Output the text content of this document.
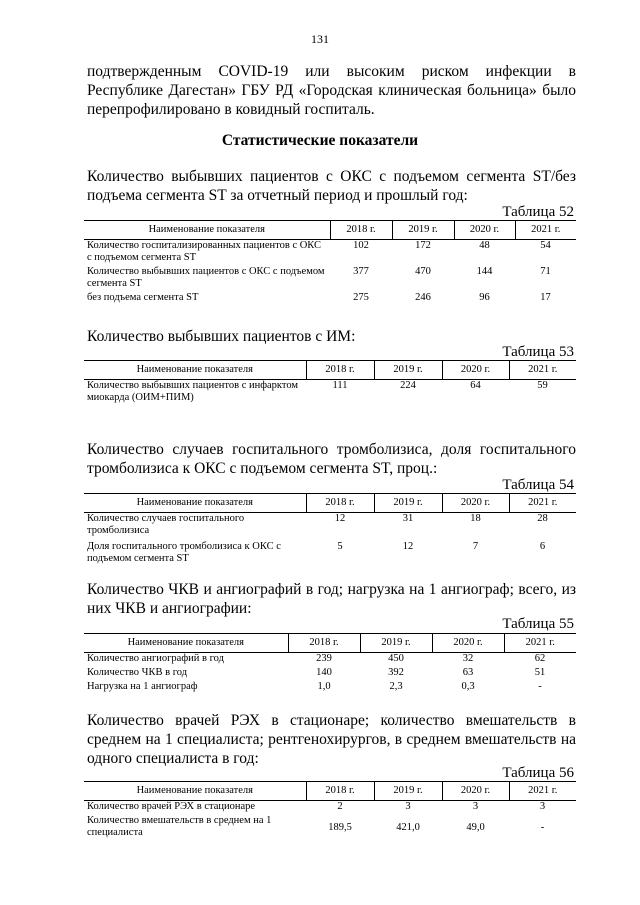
131
подтвержденным COVID-19 или высоким риском инфекции в Республике Дагестан» ГБУ РД «Городская клиническая больница» было перепрофилировано в ковидный госпиталь.
Статистические показатели
Количество выбывших пациентов с ОКС с подъемом сегмента ST/без подъема сегмента ST за отчетный период и прошлый год:
Таблица 52
Наименование показателя	2018 г.	2019 г.	2020 г.	2021 г.
Количество госпитализированных пациентов с ОКС с подъемом сегмента ST	102	172	48	54
Количество выбывших пациентов с ОКС с подъемом сегмента ST	377	470	144	71
без подъема сегмента ST	275	246	96	17
Количество выбывших пациентов с ИМ:
Таблица 53
Наименование показателя	2018 г.	2019 г.	2020 г.	2021 г.
Количество выбывших пациентов с инфарктом миокарда (ОИМ+ПИМ)	111	224	64	59
Количество случаев госпитального тромболизиса, доля госпитального тромболизиса к ОКС с подъемом сегмента ST, проц.:
Таблица 54
Наименование показателя	2018 г.	2019 г.	2020 г.	2021 г.
Количество случаев госпитального тромболизиса	12	31	18	28
Доля госпитального тромболизиса к ОКС с подъемом сегмента ST	5	12	7	6
Количество ЧКВ и ангиографий в год; нагрузка на 1 ангиограф; всего, из них ЧКВ и ангиографии:
Таблица 55
Наименование показателя	2018 г.	2019 г.	2020 г.	2021 г.
Количество ангиографий в год	239	450	32	62
Количество ЧКВ в год	140	392	63	51
Нагрузка на 1 ангиограф	1,0	2,3	0,3	-
Количество врачей РЭХ в стационаре; количество вмешательств в среднем на 1 специалиста; рентгенохирургов, в среднем вмешательств на одного специалиста в год:
Таблица 56
Наименование показателя	2018 г.	2019 г.	2020 г.	2021 г.
Количество врачей РЭХ в стационаре	2	3	3	3
Количество вмешательств в среднем на 1 специалиста	189,5	421,0	49,0	-
